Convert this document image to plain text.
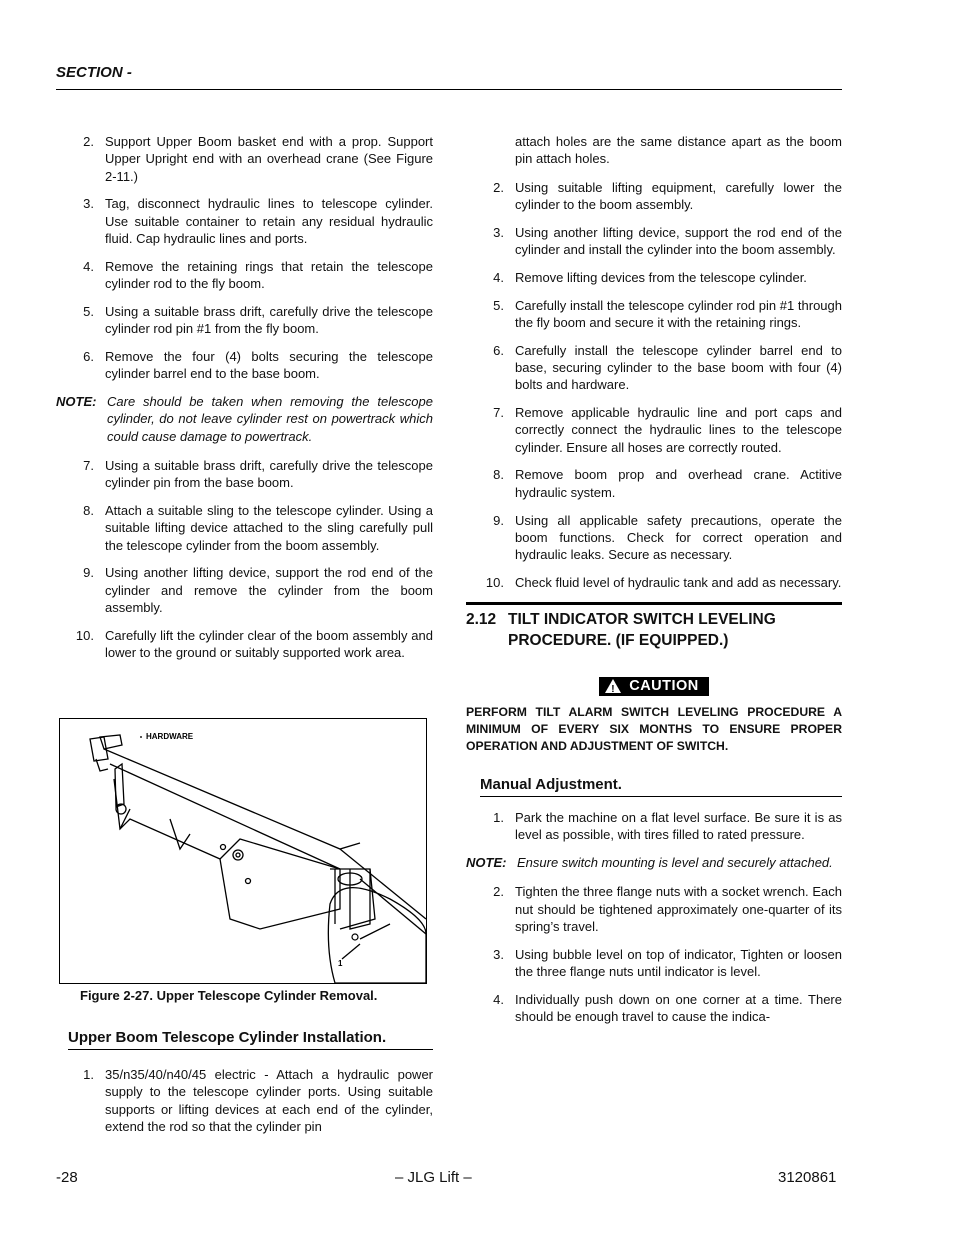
SECTION -
2. Support Upper Boom basket end with a prop. Support Upper Upright end with an overhead crane (See Figure 2-11.)
3. Tag, disconnect hydraulic lines to telescope cylinder. Use suitable container to retain any residual hydraulic fluid. Cap hydraulic lines and ports.
4. Remove the retaining rings that retain the telescope cylinder rod to the fly boom.
5. Using a suitable brass drift, carefully drive the telescope cylinder rod pin #1 from the fly boom.
6. Remove the four (4) bolts securing the telescope cylinder barrel end to the base boom.
NOTE: Care should be taken when removing the telescope cylinder, do not leave cylinder rest on powertrack which could cause damage to powertrack.
7. Using a suitable brass drift, carefully drive the telescope cylinder pin from the base boom.
8. Attach a suitable sling to the telescope cylinder. Using a suitable lifting device attached to the sling carefully pull the telescope cylinder from the boom assembly.
9. Using another lifting device, support the rod end of the cylinder and remove the cylinder from the boom assembly.
10. Carefully lift the cylinder clear of the boom assembly and lower to the ground or suitably supported work area.
HARDWARE
1
Figure 2-27. Upper Telescope Cylinder Removal.
Upper Boom Telescope Cylinder Installation.
1. 35/n35/40/n40/45 electric - Attach a hydraulic power supply to the telescope cylinder ports. Using suitable supports or lifting devices at each end of the cylinder, extend the rod so that the cylinder pin
attach holes are the same distance apart as the boom pin attach holes.
2. Using suitable lifting equipment, carefully lower the cylinder to the boom assembly.
3. Using another lifting device, support the rod end of the cylinder and install the cylinder into the boom assembly.
4. Remove lifting devices from the telescope cylinder.
5. Carefully install the telescope cylinder rod pin #1 through the fly boom and secure it with the retaining rings.
6. Carefully install the telescope cylinder barrel end to base, securing cylinder to the base boom with four (4) bolts and hardware.
7. Remove applicable hydraulic line and port caps and correctly connect the hydraulic lines to the telescope cylinder. Ensure all hoses are correctly routed.
8. Remove boom prop and overhead crane. Actitive hydraulic system.
9. Using all applicable safety precautions, operate the boom functions. Check for correct operation and hydraulic leaks. Secure as necessary.
10. Check fluid level of hydraulic tank and add as necessary.
2.12 TILT INDICATOR SWITCH LEVELING PROCEDURE. (IF EQUIPPED.)
! CAUTION
PERFORM TILT ALARM SWITCH LEVELING PROCEDURE A MINIMUM OF EVERY SIX MONTHS TO ENSURE PROPER OPERATION AND ADJUSTMENT OF SWITCH.
Manual Adjustment.
1. Park the machine on a flat level surface. Be sure it is as level as possible, with tires filled to rated pressure.
NOTE: Ensure switch mounting is level and securely attached.
2. Tighten the three flange nuts with a socket wrench. Each nut should be tightened approximately one-quarter of its spring’s travel.
3. Using bubble level on top of indicator, Tighten or loosen the three flange nuts until indicator is level.
4. Individually push down on one corner at a time. There should be enough travel to cause the indica-
-28	– JLG Lift –	3120861
